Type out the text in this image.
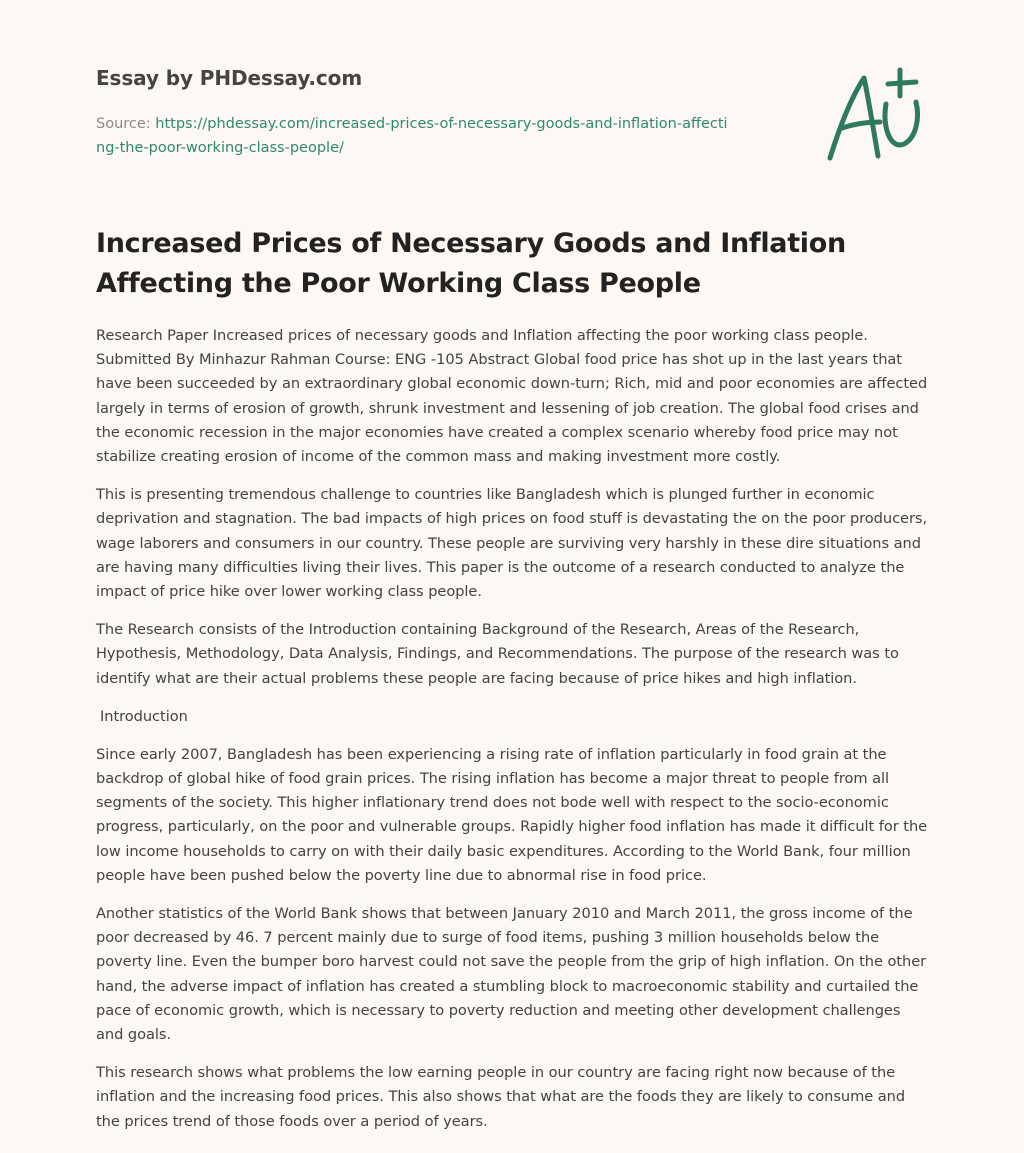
Essay by PHDessay.com
Source: https://phdessay.com/increased-prices-of-necessary-goods-and-inflation-affecting-the-poor-working-class-people/
Increased Prices of Necessary Goods and Inflation Affecting the Poor Working Class People

Research Paper Increased prices of necessary goods and Inflation affecting the poor working class people. Submitted By Minhazur Rahman Course: ENG -105 Abstract Global food price has shot up in the last years that have been succeeded by an extraordinary global economic down-turn; Rich, mid and poor economies are affected largely in terms of erosion of growth, shrunk investment and lessening of job creation. The global food crises and the economic recession in the major economies have created a complex scenario whereby food price may not stabilize creating erosion of income of the common mass and making investment more costly.

This is presenting tremendous challenge to countries like Bangladesh which is plunged further in economic deprivation and stagnation. The bad impacts of high prices on food stuff is devastating the on the poor producers, wage laborers and consumers in our country. These people are surviving very harshly in these dire situations and are having many difficulties living their lives. This paper is the outcome of a research conducted to analyze the impact of price hike over lower working class people.

The Research consists of the Introduction containing Background of the Research, Areas of the Research, Hypothesis, Methodology, Data Analysis, Findings, and Recommendations. The purpose of the research was to identify what are their actual problems these people are facing because of price hikes and high inflation.

Introduction

Since early 2007, Bangladesh has been experiencing a rising rate of inflation particularly in food grain at the backdrop of global hike of food grain prices. The rising inflation has become a major threat to people from all segments of the society. This higher inflationary trend does not bode well with respect to the socio-economic progress, particularly, on the poor and vulnerable groups. Rapidly higher food inflation has made it difficult for the low income households to carry on with their daily basic expenditures. According to the World Bank, four million people have been pushed below the poverty line due to abnormal rise in food price.

Another statistics of the World Bank shows that between January 2010 and March 2011, the gross income of the poor decreased by 46. 7 percent mainly due to surge of food items, pushing 3 million households below the poverty line. Even the bumper boro harvest could not save the people from the grip of high inflation. On the other hand, the adverse impact of inflation has created a stumbling block to macroeconomic stability and curtailed the pace of economic growth, which is necessary to poverty reduction and meeting other development challenges and goals.

This research shows what problems the low earning people in our country are facing right now because of the inflation and the increasing food prices. This also shows that what are the foods they are likely to consume and the prices trend of those foods over a period of years.
